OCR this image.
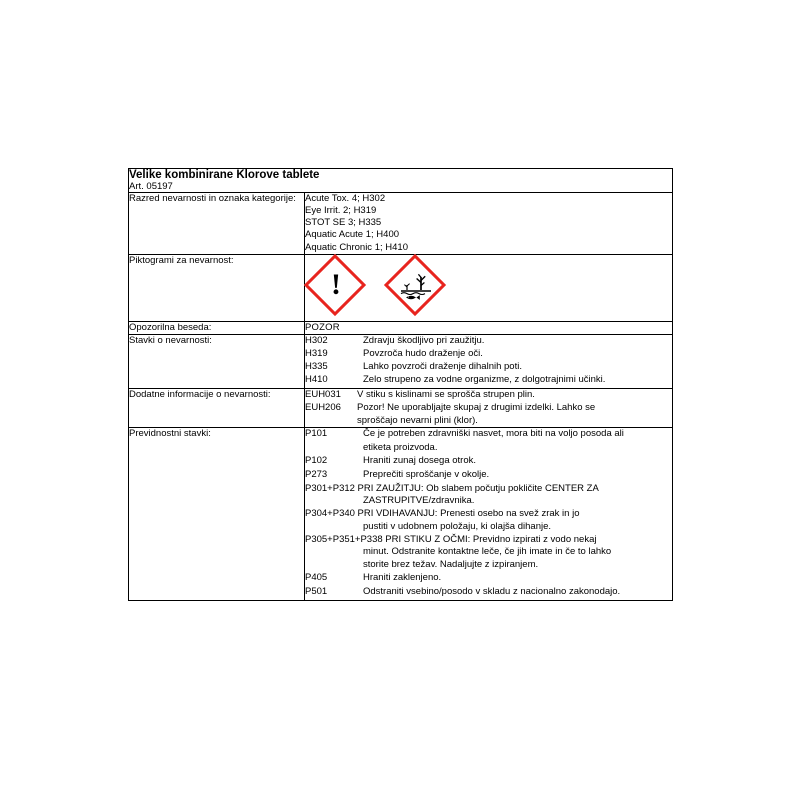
Velike kombinirane Klorove tablete	
Art. 05197	
Razred nevarnosti in oznaka kategorije:	Acute Tox. 4; H302
Eye Irrit. 2; H319
STOT SE 3; H335
Aquatic Acute 1; H400
Aquatic Chronic 1; H410

Piktogrami za nevarnost:	!

Opozorilna beseda:	POZOR
Stavki o nevarnosti:	H302	Zdravju škodljivo pri zaužitju.
H319	Povzroča hudo draženje oči.
H335	Lahko povzroči draženje dihalnih poti.
H410	Zelo strupeno za vodne organizme, z dolgotrajnimi učinki.

Dodatne informacije o nevarnosti:	EUH031 V stiku s kislinami se sprošča strupen plin.
EUH206 Pozor! Ne uporabljajte skupaj z drugimi izdelki. Lahko se
sproščajo nevarni plini (klor).

Previdnostni stavki:	P101	Če je potreben zdravniški nasvet, mora biti na voljo posoda ali
etiketa proizvoda.
P102	Hraniti zunaj dosega otrok.
P273	Preprečiti sproščanje v okolje.
P301+P312 PRI ZAUŽITJU: Ob slabem počutju pokličite CENTER ZA
ZASTRUPITVE/zdravnika.
P304+P340 PRI VDIHAVANJU: Prenesti osebo na svež zrak in jo
pustiti v udobnem položaju, ki olajša dihanje.
P305+P351+P338 PRI STIKU Z OČMI: Previdno izpirati z vodo nekaj
minut. Odstranite kontaktne leče, če jih imate in če to lahko
storite brez težav. Nadaljujte z izpiranjem.
P405	Hraniti zaklenjeno.
P501	Odstraniti vsebino/posodo v skladu z nacionalno zakonodajo.
